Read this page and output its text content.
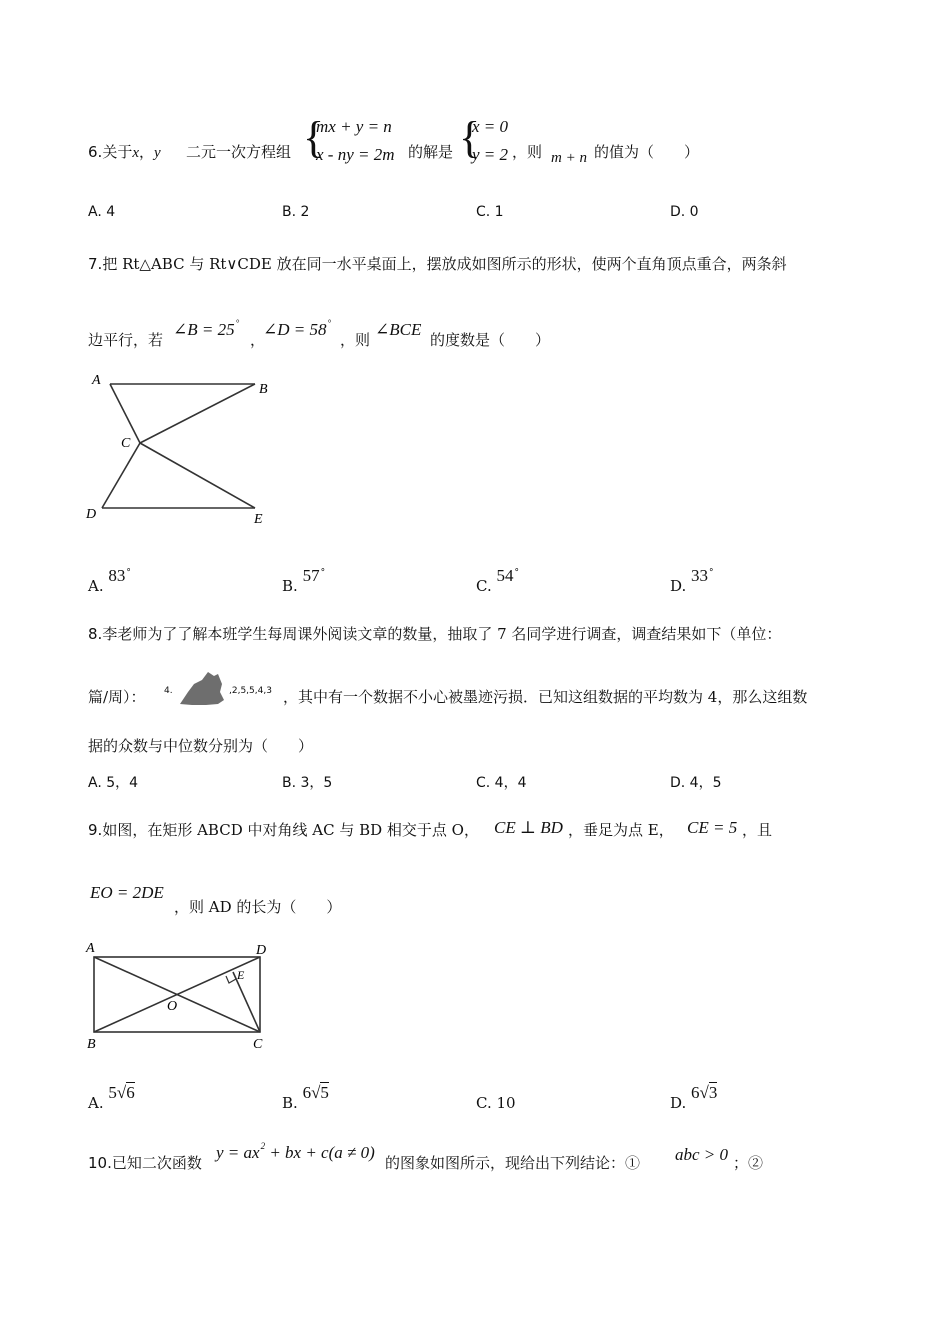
6.关于x，y 二元一次方程组 {
mx + y = n
x - ny = 2m 的解是 {
x = 0
y = 2 ，则 m + n 的值为（　　）
A. 4	B. 2	C. 1	D. 0
7.把 Rt△ABC 与 Rt∨CDE 放在同一水平桌面上，摆放成如图所示的形状，使两个直角顶点重合，两条斜
边平行，若
∠B = 25°
，
∠D = 58°
，则
∠BCE
的度数是（　　）
A
B
C
D	E
A. 83°
B. 57°
C. 54°
D. 33°
8.李老师为了了解本班学生每周课外阅读文章的数量，抽取了 7 名同学进行调查，调查结果如下（单位：
篇/周）： 4.	,2,5,5,4,3 ，其中有一个数据不小心被墨迹污损．已知这组数据的平均数为 4，那么这组数
据的众数与中位数分别为（　　）
A. 5，4	B. 3，5	C. 4，4	D. 4，5
9.如图，在矩形 ABCD 中对角线 AC 与 BD 相交于点 O， CE ⊥ BD ，垂足为点 E， CE = 5 ，且
EO = 2DE
，则 AD 的长为（　　）
A	D
E
O
B	C
A. 5√6
B. 6√5
C. 10	D. 6√3
10.已知二次函数
$y = ax^2$ + bx + c(a ≠ 0)
的图象如图所示，现给出下列结论：① abc > 0 ；②
